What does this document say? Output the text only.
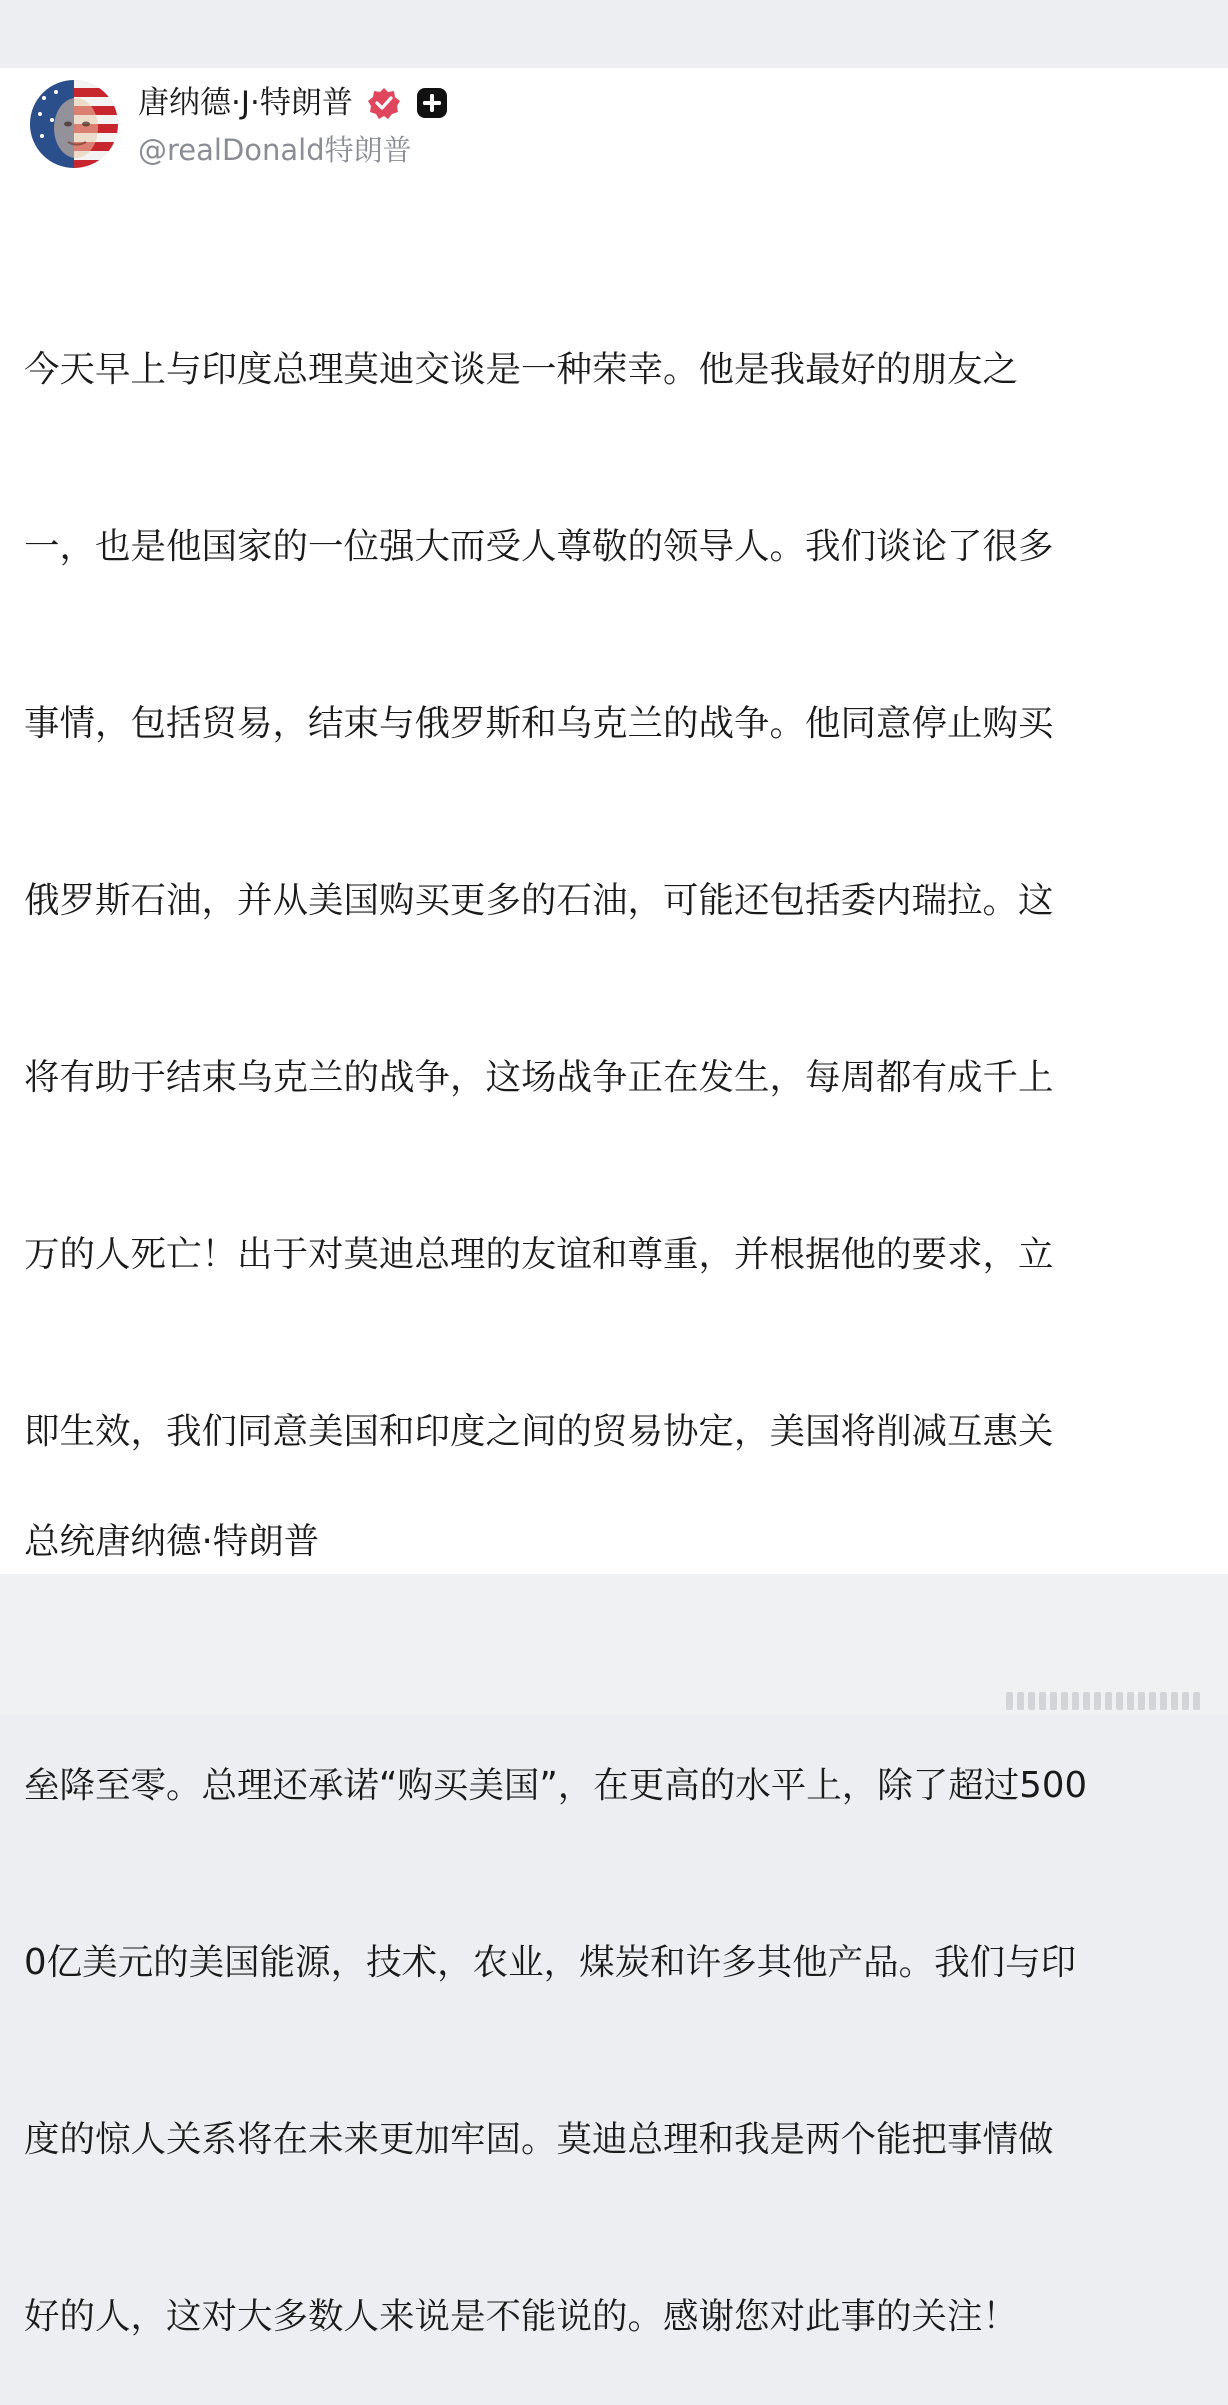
唐纳德·J·特朗普
@realDonald特朗普

今天早上与印度总理莫迪交谈是一种荣幸。他是我最好的朋友之

一，也是他国家的一位强大而受人尊敬的领导人。我们谈论了很多

事情，包括贸易，结束与俄罗斯和乌克兰的战争。他同意停止购买

俄罗斯石油，并从美国购买更多的石油，可能还包括委内瑞拉。这

将有助于结束乌克兰的战争，这场战争正在发生，每周都有成千上

万的人死亡！出于对莫迪总理的友谊和尊重，并根据他的要求，立

即生效，我们同意美国和印度之间的贸易协定，美国将削减互惠关

垒降至零。总理还承诺“购买美国”，在更高的水平上，除了超过500

0亿美元的美国能源，技术，农业，煤炭和许多其他产品。我们与印

度的惊人关系将在未来更加牢固。莫迪总理和我是两个能把事情做

好的人，这对大多数人来说是不能说的。感谢您对此事的关注！

总统唐纳德·特朗普
